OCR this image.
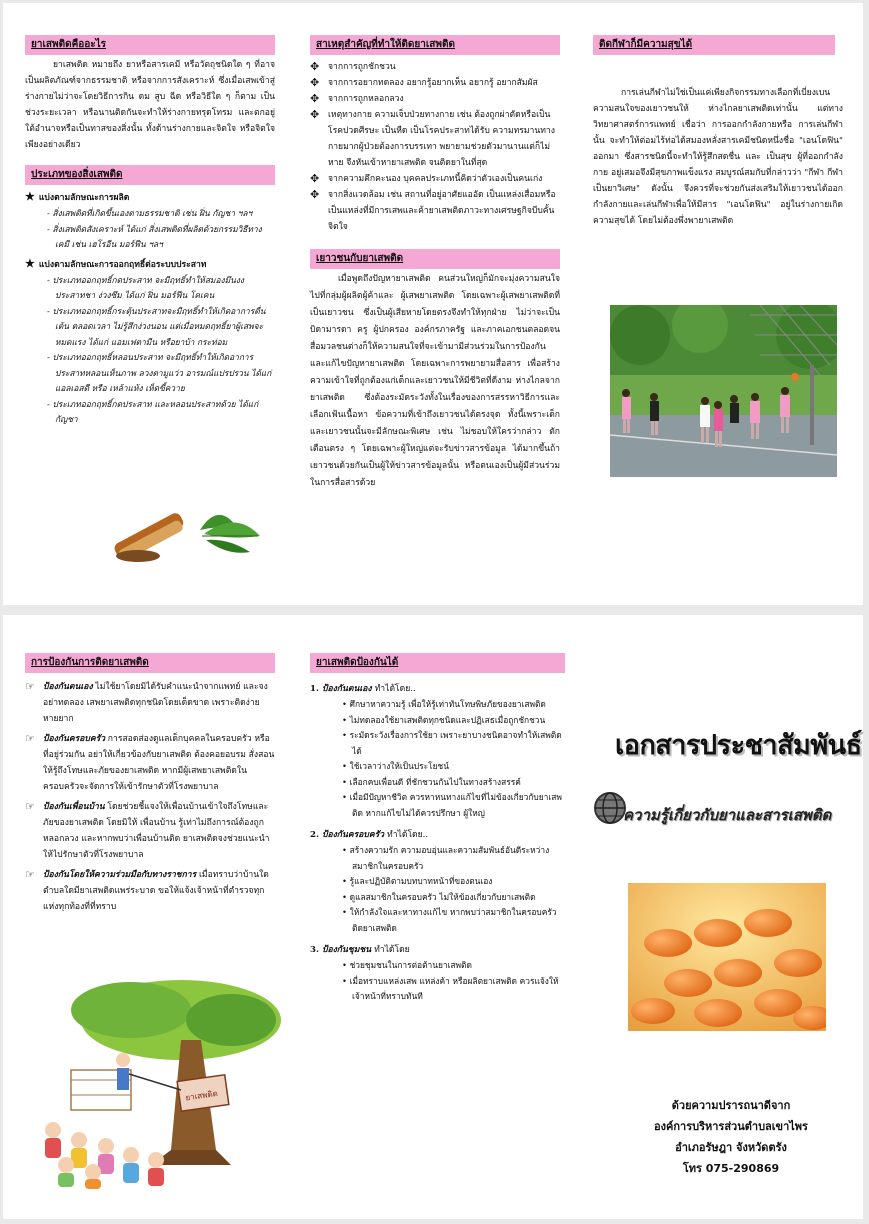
ยาเสพติดคืออะไร

ยาเสพติด หมายถึง ยาหรือสารเคมี หรือวัตถุชนิดใด ๆ ที่อาจเป็นผลิตภัณฑ์จากธรรมชาติ หรือจากการสังเคราะห์ ซึ่งเมื่อเสพเข้าสู่ร่างกายไม่ว่าจะโดยวิธีการกิน ดม สูบ ฉีด หรือวิธีใด ๆ ก็ตาม เป็นช่วงระยะเวลา หรือนานติดกันจะทำให้ร่างกายทรุดโทรม และตกอยู่ใต้อำนาจหรือเป็นทาสของสิ่งนั้น ทั้งด้านร่างกายและจิตใจ หรือจิตใจเพียงอย่างเดียว

ประเภทของสิ่งเสพติด
★ แบ่งตามลักษณะการผลิต
- สิ่งเสพติดที่เกิดขึ้นเองตามธรรมชาติ เช่น ฝิ่น กัญชา ฯลฯ
- สิ่งเสพติดสังเคราะห์ ได้แก่ สิ่งเสพติดที่ผลิตด้วยกรรมวิธีทางเคมี เช่น เฮโรอีน มอร์ฟีน ฯลฯ
★ แบ่งตามลักษณะการออกฤทธิ์ต่อระบบประสาท
- ประเภทออกฤทธิ์กดประสาท จะมีฤทธิ์ทำให้สมองมึนงง ประสาทชา ง่วงซึม ได้แก่ ฝิ่น มอร์ฟีน โคเคน
- ประเภทออกฤทธิ์กระตุ้นประสาทจะมีฤทธิ์ทำให้เกิดอาการตื่นเต้น ตลอดเวลา ไม่รู้สึกง่วงนอน แต่เมื่อหมดฤทธิ์ยาผู้เสพจะหมดแรง ได้แก่ แอมเฟตามีน หรือยาบ้า กระท่อม
- ประเภทออกฤทธิ์หลอนประสาท จะมีฤทธิ์ทำให้เกิดอาการประสาทหลอนเห็นภาพ ลวงตามูแว่ว อารมณ์แปรปรวน ได้แก่ แอลเอสดี หรือ เหล้าแห้ง เห็ดขี้ควาย
- ประเภทออกฤทธิ์กดประสาท และหลอนประสาทด้วย ได้แก่ กัญชา
สาเหตุสำคัญที่ทำให้ติดยาเสพติด
✥ จากการถูกชักชวน
✥ จากการอยากทดลอง อยากรู้อยากเห็น อยากรู้ อยากสัมผัส
✥ จากการถูกหลอกลวง
✥ เหตุทางกาย ความเจ็บป่วยทางกาย เช่น ต้องถูกผ่าตัดหรือเป็นโรคปวดศีรษะ เป็นหืด เป็นโรคประสาทได้รับ ความทรมานทางกายมากผู้ป่วยต้องการบรรเทา พยายามช่วยตัวมานานแต่ก็ไม่หาย จึงหันเข้าหายาเสพติด จนติดยาในที่สุด
✥ จากความคึกคะนอง บุคคลประเภทนี้คิดว่าตัวเองเป็นคนเก่ง
✥ จากสิ่งแวดล้อม เช่น สถานที่อยู่อาศัยแออัด เป็นแหล่งเสื่อมหรือเป็นแหล่งที่มีการเสพและค้ายาเสพติดภาวะทางเศรษฐกิจบีบคั้นจิตใจ
เยาวชนกับยาเสพติด

เมื่อพูดถึงปัญหายาเสพติด คนส่วนใหญ่ก็มักจะมุ่งความสนใจไปที่กลุ่มผู้ผลิตผู้ค้าและ ผู้เสพยาเสพติด โดยเฉพาะผู้เสพยาเสพติดที่เป็นเยาวชน ซึ่งเป็นผู้เสียหายโดยตรงจึงทำให้ทุกฝ่าย ไม่ว่าจะเป็นบิดามารดา ครู ผู้ปกครอง องค์กรภาครัฐ และภาคเอกชนตลอดจนสื่อมวลชนต่างก็ให้ความสนใจที่จะเข้ามามีส่วนร่วมในการป้องกันและแก้ไขปัญหายาเสพติด โดยเฉพาะการพยายามสื่อสาร เพื่อสร้างความเข้าใจที่ถูกต้องแก่เด็กและเยาวชนให้มีชีวิตที่ดีงาม ห่างไกลจากยาเสพติด ซึ่งต้องระมัดระวังทั้งในเรื่องของการสรรหาวิธีการและเลือกเฟ้นเนื้อหา ข้อความที่เข้าถึงเยาวชนได้ตรงจุด ทั้งนี้เพราะเด็กและเยาวชนนั้นจะมีลักษณะพิเศษ เช่น ไม่ชอบให้ใครว่ากล่าว ตักเตือนตรง ๆ โดยเฉพาะผู้ใหญ่แต่จะรับข่าวสารข้อมูล ได้มากขึ้นถ้า เยาวชนด้วยกันเป็นผู้ให้ข่าวสารข้อมูลนั้น หรือตนเองเป็นผู้มีส่วนร่วมในการสื่อสารด้วย

ติดกีฬาก็มีความสุขได้

การเล่นกีฬาไม่ใช่เป็นแค่เพียงกิจกรรมทางเลือกที่เบี่ยงเบนความสนใจของเยาวชนให้ ห่างไกลยาเสพติดเท่านั้น แต่ทางวิทยาศาสตร์การแพทย์ เชื่อว่า การออกกำลังกายหรือ การเล่นกีฬานั้น จะทำให้ต่อมไร้ท่อได้สมองหลั่งสารเคมีชนิดหนึ่งชื่อ "เอนโดฟิน" ออกมา ซึ่งสารชนิดนี้จะทำให้รู้สึกสดชื่น และ เป็นสุข ผู้ที่ออกกำลังกาย อยู่เสมอจึงมีสุขภาพแข็งแรง สมบูรณ์สมกับที่กล่าวว่า "กีฬา กีฬา เป็นยาวิเศษ" ดังนั้น จึงควรที่จะช่วยกันส่งเสริมให้เยาวชนได้ออกกำลังกายและเล่นกีฬาเพื่อให้มีสาร "เอนโดฟิน" อยู่ในร่างกายเกิดความสุขได้ โดยไม่ต้องพึ่งพายาเสพติด

การป้องกันการติดยาเสพติด
☞ ป้องกันตนเอง ไม่ใช้ยาโดยมิได้รับคำแนะนำจากแพทย์ และจงอย่าทดลอง เสพยาเสพติดทุกชนิดโดยเด็ดขาด เพราะติดง่ายหายยาก
☞ ป้องกันครอบครัว การสอดส่องดูแลเด็กบุคคลในครอบครัว หรือที่อยู่ร่วมกัน อย่าให้เกี่ยวข้องกับยาเสพติด ต้องคอยอบรม สั่งสอนให้รู้ถึงโทษและภัยของยาเสพติด หากมีผู้เสพยาเสพติดในครอบครัวจะจัดการให้เข้ารักษาตัวที่โรงพยาบาล
☞ ป้องกันเพื่อนบ้าน โดยช่วยชี้แจงให้เพื่อนบ้านเข้าใจถึงโทษและภัยของยาเสพติด โดยมิให้ เพื่อนบ้าน รู้เท่าไม่ถึงการณ์ต้องถูกหลอกลวง และหากพบว่าเพื่อนบ้านติด ยาเสพติดจงช่วยแนะนำให้ไปรักษาตัวที่โรงพยาบาล
☞ ป้องกันโดยให้ความร่วมมือกับทางราชการ เมื่อทราบว่าบ้านใด ตำบลใดมียาเสพติดแพร่ระบาด ขอให้แจ้งเจ้าหน้าที่ตำรวจทุกแห่งทุกท้องที่ที่ทราบ
ยาเสพติด
ยาเสพติดป้องกันได้
1. ป้องกันตนเอง ทำได้โดย..
• ศึกษาหาความรู้ เพื่อให้รู้เท่าทันโทษพิษภัยของยาเสพติด
• ไม่ทดลองใช้ยาเสพติดทุกชนิดและปฏิเสธเมื่อถูกชักชวน
• ระมัดระวังเรื่องการใช้ยา เพราะยาบางชนิดอาจทำให้เสพติดได้
• ใช้เวลาว่างให้เป็นประโยชน์
• เลือกคบเพื่อนดี ที่ชักชวนกันไปในทางสร้างสรรค์
• เมื่อมีปัญหาชีวิต ควรหาหนทางแก้ไขที่ไม่ข้องเกี่ยวกับยาเสพติด หากแก้ไขไม่ได้ควรปรึกษา ผู้ใหญ่
2. ป้องกันครอบครัว ทำได้โดย..
• สร้างความรัก ความอบอุ่นและความสัมพันธ์อันดีระหว่างสมาชิกในครอบครัว
• รู้และปฏิบัติตามบทบาทหน้าที่ของตนเอง
• ดูแลสมาชิกในครอบครัว ไม่ให้ข้องเกี่ยวกับยาเสพติด
• ให้กำลังใจและหาทางแก้ไข หากพบว่าสมาชิกในครอบครัวติดยาเสพติด
3. ป้องกันชุมชน ทำได้โดย
• ช่วยชุมชนในการต่อต้านยาเสพติด
• เมื่อทราบแหล่งเสพ แหล่งค้า หรือผลิตยาเสพติด ควรแจ้งให้เจ้าหน้าที่ทราบทันที
เอกสารประชาสัมพันธ์
ความรู้เกี่ยวกับยาและสารเสพติด
ด้วยความปรารถนาดีจาก
องค์การบริหารส่วนตำบลเขาไพร
อำเภอรัษฎา จังหวัดตรัง
โทร 075-290869
